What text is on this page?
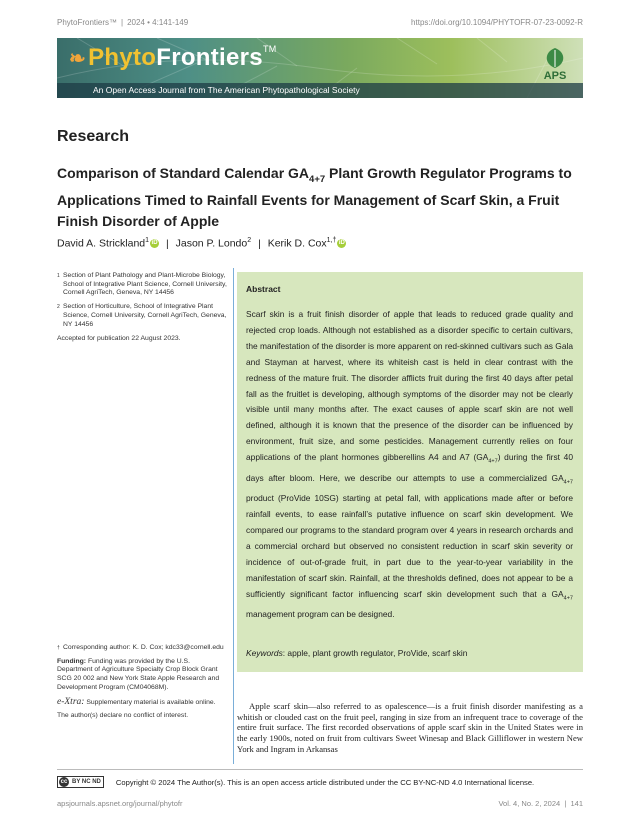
PhytoFrontiers™ | 2024 • 4:141-149	https://doi.org/10.1094/PHYTOFR-07-23-0092-R
❧PhytoFrontiers™
An Open Access Journal from The American Phytopathological Society
APS
Research
Comparison of Standard Calendar $GA_{4+7}$ Plant Growth Regulator Programs to Applications Timed to Rainfall Events for Management of Scarf Skin, a Fruit Finish Disorder of Apple
David A. Strickland$^1$ iD | Jason P. Londo$^2$ | Kerik D. Cox$^{1,\dagger}$ iD
1 Section of Plant Pathology and Plant-Microbe Biology, School of Integrative Plant Science, Cornell University, Cornell AgriTech, Geneva, NY 14456
2 Section of Horticulture, School of Integrative Plant Science, Cornell University, Cornell AgriTech, Geneva, NY 14456
Accepted for publication 22 August 2023.

† Corresponding author: K. D. Cox; kdc33@cornell.edu

Funding: Funding was provided by the U.S. Department of Agriculture Specialty Crop Block Grant SCG 20 002 and New York State Apple Research and Development Program (CM04068M).

e-Xtra: Supplementary material is available online.

The author(s) declare no conflict of interest.

Abstract

Scarf skin is a fruit finish disorder of apple that leads to reduced grade quality and rejected crop loads. Although not established as a disorder specific to certain cultivars, the manifestation of the disorder is more apparent on red-skinned cultivars such as Gala and Stayman at harvest, where its whiteish cast is held in clear contrast with the redness of the mature fruit. The disorder afflicts fruit during the first 40 days after petal fall as the fruitlet is developing, although symptoms of the disorder may not be clearly visible until many months after. The exact causes of apple scarf skin are not well defined, although it is known that the presence of the disorder can be influenced by environment, fruit size, and some pesticides. Management currently relies on four applications of the plant hormones gibberellins A4 and A7 $(GA_{4+7})$ during the first 40 days after bloom. Here, we describe our attempts to use a commercialized $GA_{4+7}$ product (ProVide 10SG) starting at petal fall, with applications made after or before rainfall events, to ease rainfall’s putative influence on scarf skin development. We compared our programs to the standard program over 4 years in research orchards and a commercial orchard but observed no consistent reduction in scarf skin severity or incidence of out-of-grade fruit, in part due to the year-to-year variability in the manifestation of scarf skin. Rainfall, at the thresholds defined, does not appear to be a sufficiently significant factor influencing scarf skin development such that a $GA_{4+7}$ management program can be designed.

Keywords: apple, plant growth regulator, ProVide, scarf skin

Apple scarf skin—also referred to as opalescence—is a fruit finish disorder manifesting as a whitish or clouded cast on the fruit peel, ranging in size from an infrequent trace to coverage of the entire fruit surface. The first recorded observations of apple scarf skin in the United States were in the early 1900s, noted on fruit from cultivars Sweet Winesap and Black Gilliflower in western New York and Ingram in Arkansas

cc BY NC ND Copyright © 2024 The Author(s). This is an open access article distributed under the CC BY-NC-ND 4.0 International license.
apsjournals.apsnet.org/journal/phytofr	Vol. 4, No. 2, 2024  |  141
